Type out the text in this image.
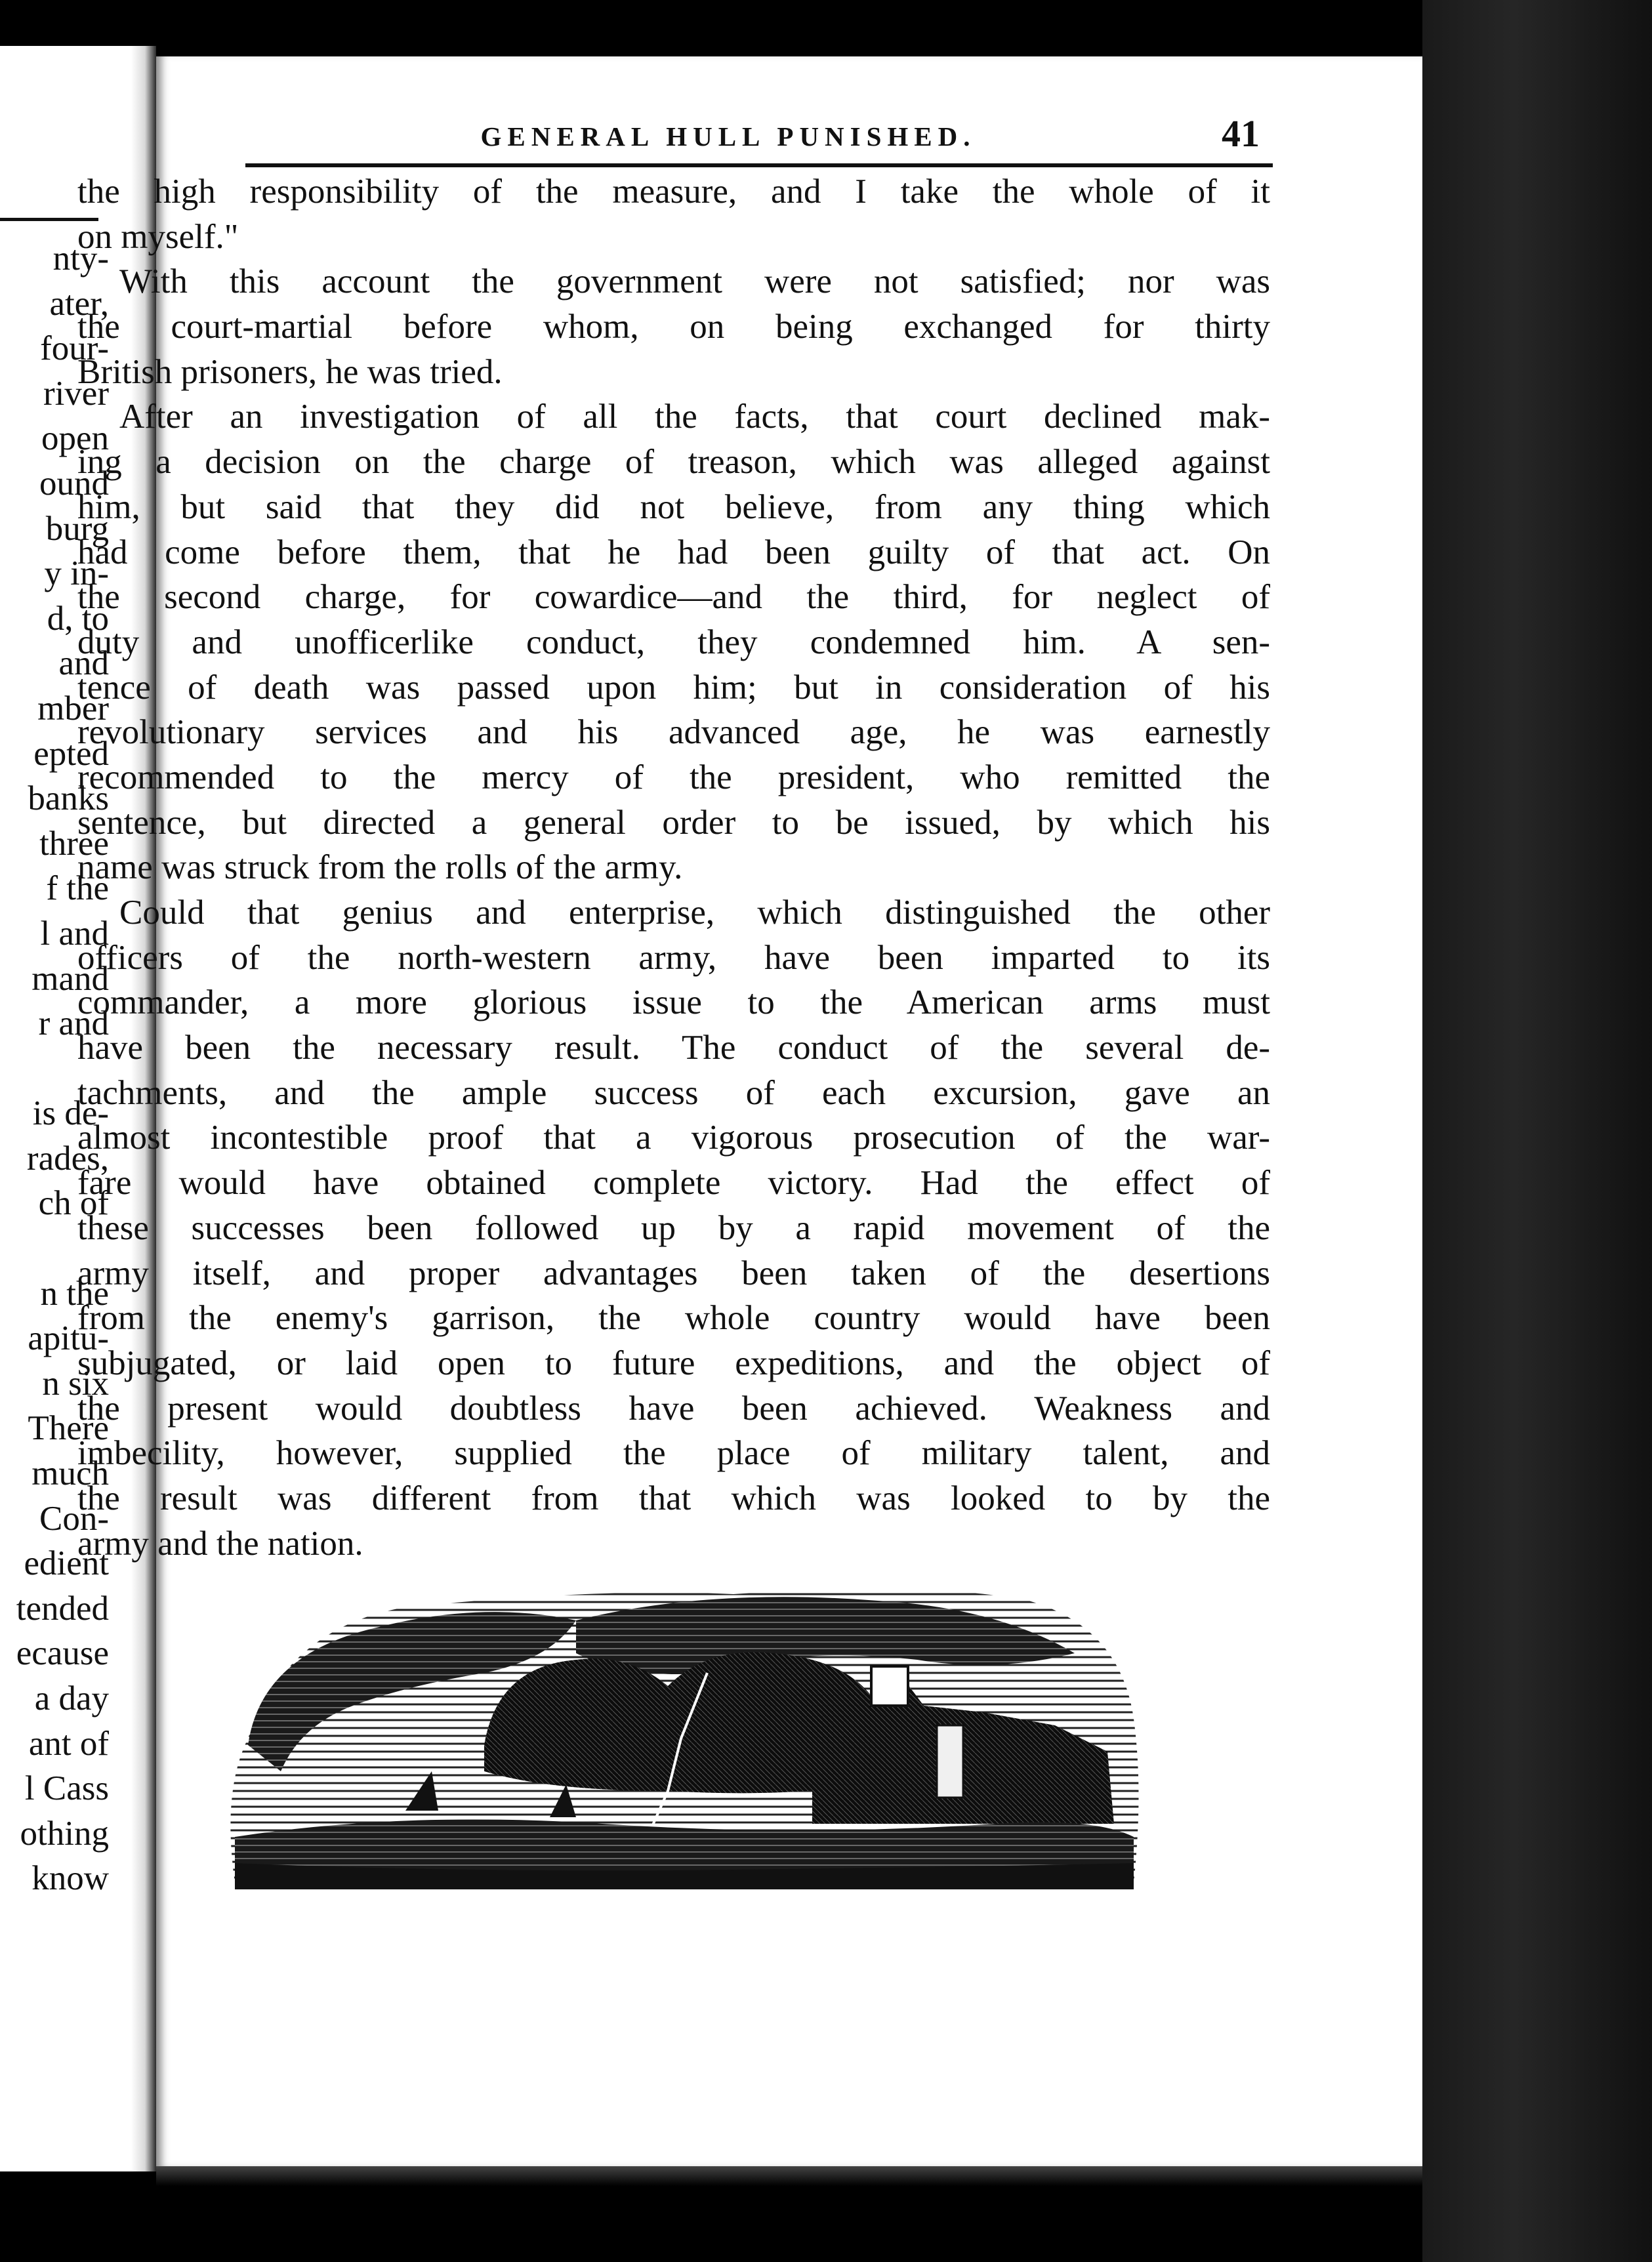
nty-
ater,
four-
river
open
ound
burg
y in-
d, to
and
mber
epted
banks
three
f the
l and
mand
r and

is de-
rades,
ch of

n the
apitu-
n six
There
much
Con-
edient
tended
ecause
a day
ant of
l Cass
othing
know
GENERAL HULL PUNISHED.	41
the high responsibility of the measure, and I take the whole of it
on myself."
With this account the government were not satisfied; nor was
the court-martial before whom, on being exchanged for thirty
British prisoners, he was tried.
After an investigation of all the facts, that court declined mak-
ing a decision on the charge of treason, which was alleged against
him, but said that they did not believe, from any thing which
had come before them, that he had been guilty of that act. On
the second charge, for cowardice—and the third, for neglect of
duty and unofficerlike conduct, they condemned him. A sen-
tence of death was passed upon him; but in consideration of his
revolutionary services and his advanced age, he was earnestly
recommended to the mercy of the president, who remitted the
sentence, but directed a general order to be issued, by which his
name was struck from the rolls of the army.
Could that genius and enterprise, which distinguished the other
officers of the north-western army, have been imparted to its
commander, a more glorious issue to the American arms must
have been the necessary result. The conduct of the several de-
tachments, and the ample success of each excursion, gave an
almost incontestible proof that a vigorous prosecution of the war-
fare would have obtained complete victory. Had the effect of
these successes been followed up by a rapid movement of the
army itself, and proper advantages been taken of the desertions
from the enemy's garrison, the whole country would have been
subjugated, or laid open to future expeditions, and the object of
the present would doubtless have been achieved. Weakness and
imbecility, however, supplied the place of military talent, and
the result was different from that which was looked to by the
army and the nation.
